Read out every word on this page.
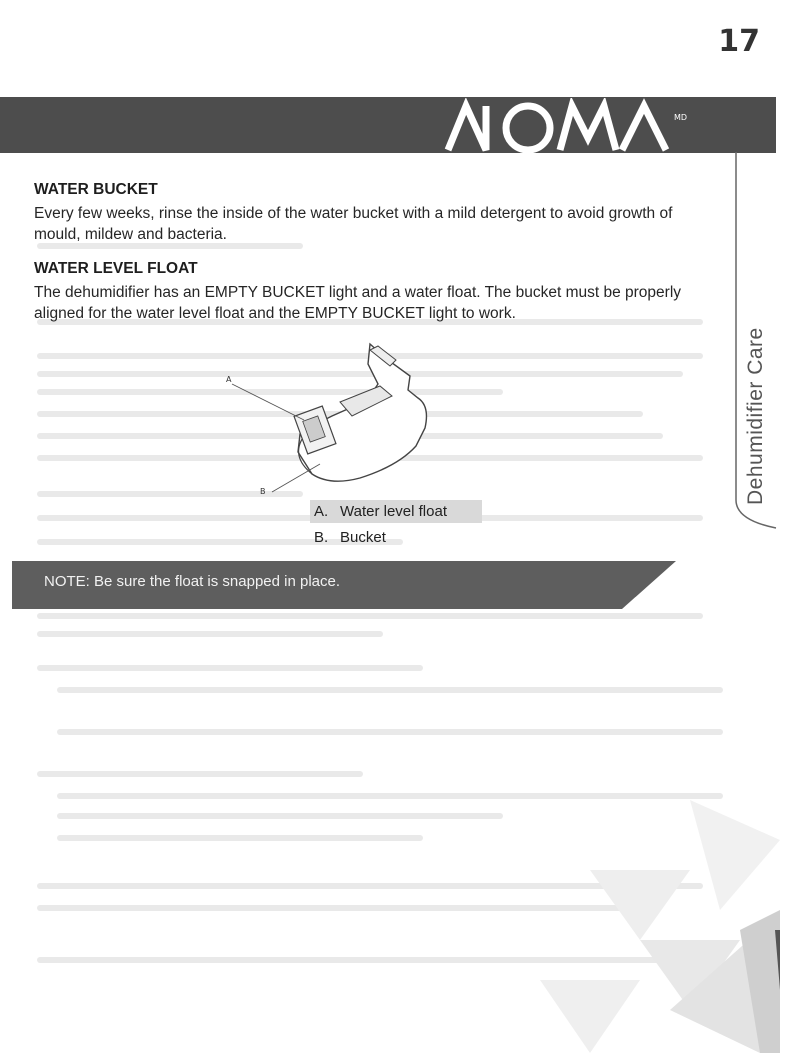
17
MD
Dehumidifier Care
WATER BUCKET
Every few weeks, rinse the inside of the water bucket with a mild detergent to avoid growth of mould, mildew and bacteria.
WATER LEVEL FLOAT
The dehumidifier has an EMPTY BUCKET light and a water float. The bucket must be properly aligned for the water level float and the EMPTY BUCKET light to work.
A
B
A. Water level float
B. Bucket
NOTE: Be sure the float is snapped in place.
